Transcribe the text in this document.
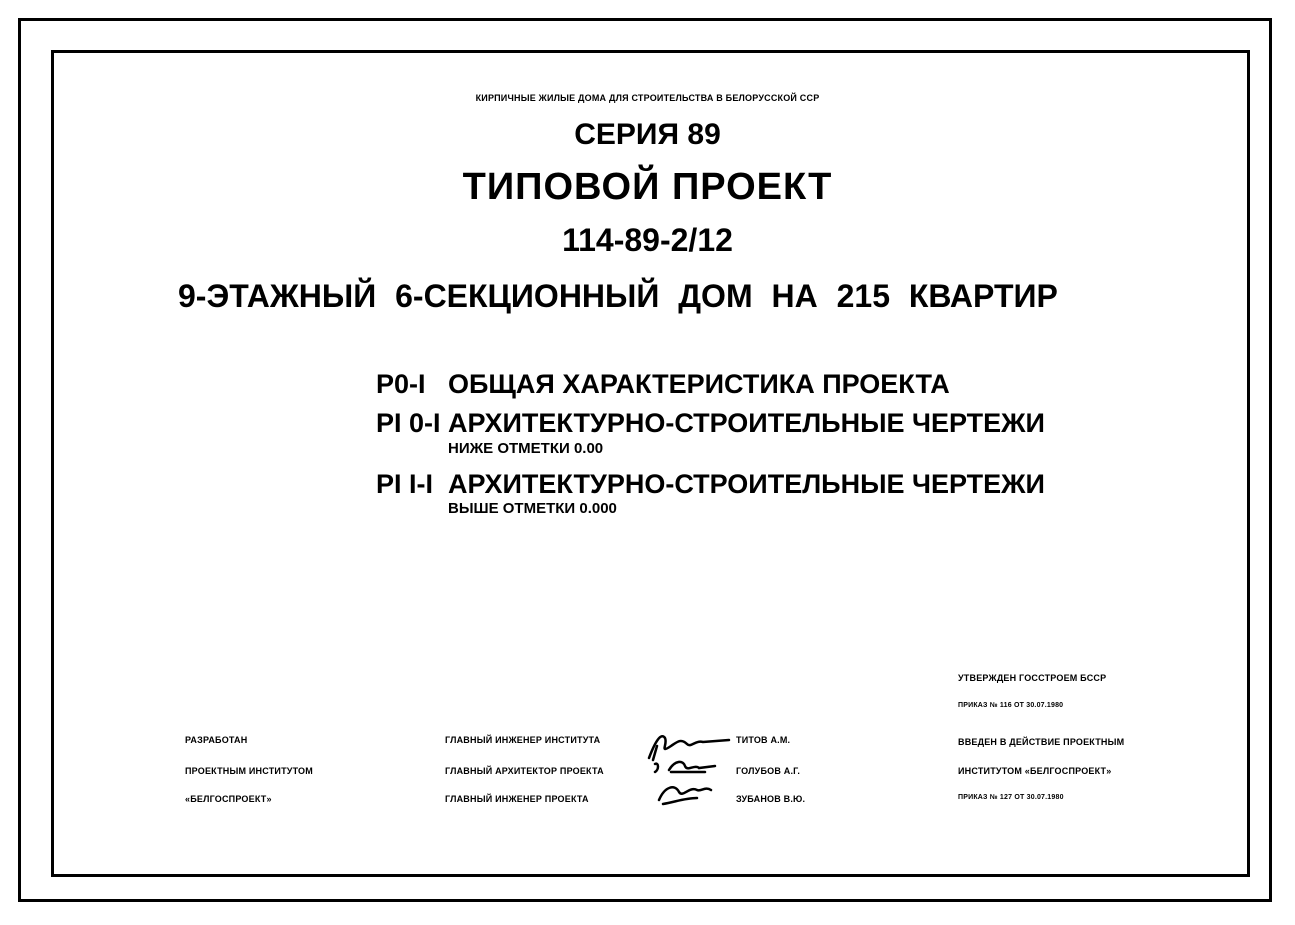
КИРПИЧНЫЕ ЖИЛЫЕ ДОМА ДЛЯ СТРОИТЕЛЬСТВА В БЕЛОРУССКОЙ ССР
СЕРИЯ 89
ТИПОВОЙ ПРОЕКТ
114-89-2/12
9-ЭТАЖНЫЙ 6-СЕКЦИОННЫЙ ДОМ НА 215 КВАРТИР
Р0-I ОБЩАЯ ХАРАКТЕРИСТИКА ПРОЕКТА
РI 0-I АРХИТЕКТУРНО-СТРОИТЕЛЬНЫЕ ЧЕРТЕЖИ
НИЖЕ ОТМЕТКИ 0.00
РI I-I АРХИТЕКТУРНО-СТРОИТЕЛЬНЫЕ ЧЕРТЕЖИ
ВЫШЕ ОТМЕТКИ 0.000
РАЗРАБОТАН
ПРОЕКТНЫМ ИНСТИТУТОМ
«БЕЛГОСПРОЕКТ»
ГЛАВНЫЙ ИНЖЕНЕР ИНСТИТУТА
ГЛАВНЫЙ АРХИТЕКТОР ПРОЕКТА
ГЛАВНЫЙ ИНЖЕНЕР ПРОЕКТА
ТИТОВ А.М.
ГОЛУБОВ А.Г.
ЗУБАНОВ В.Ю.
УТВЕРЖДЕН ГОССТРОЕМ БССР
ПРИКАЗ № 116 ОТ 30.07.1980
ВВЕДЕН В ДЕЙСТВИЕ ПРОЕКТНЫМ
ИНСТИТУТОМ «БЕЛГОСПРОЕКТ»
ПРИКАЗ № 127 ОТ 30.07.1980
